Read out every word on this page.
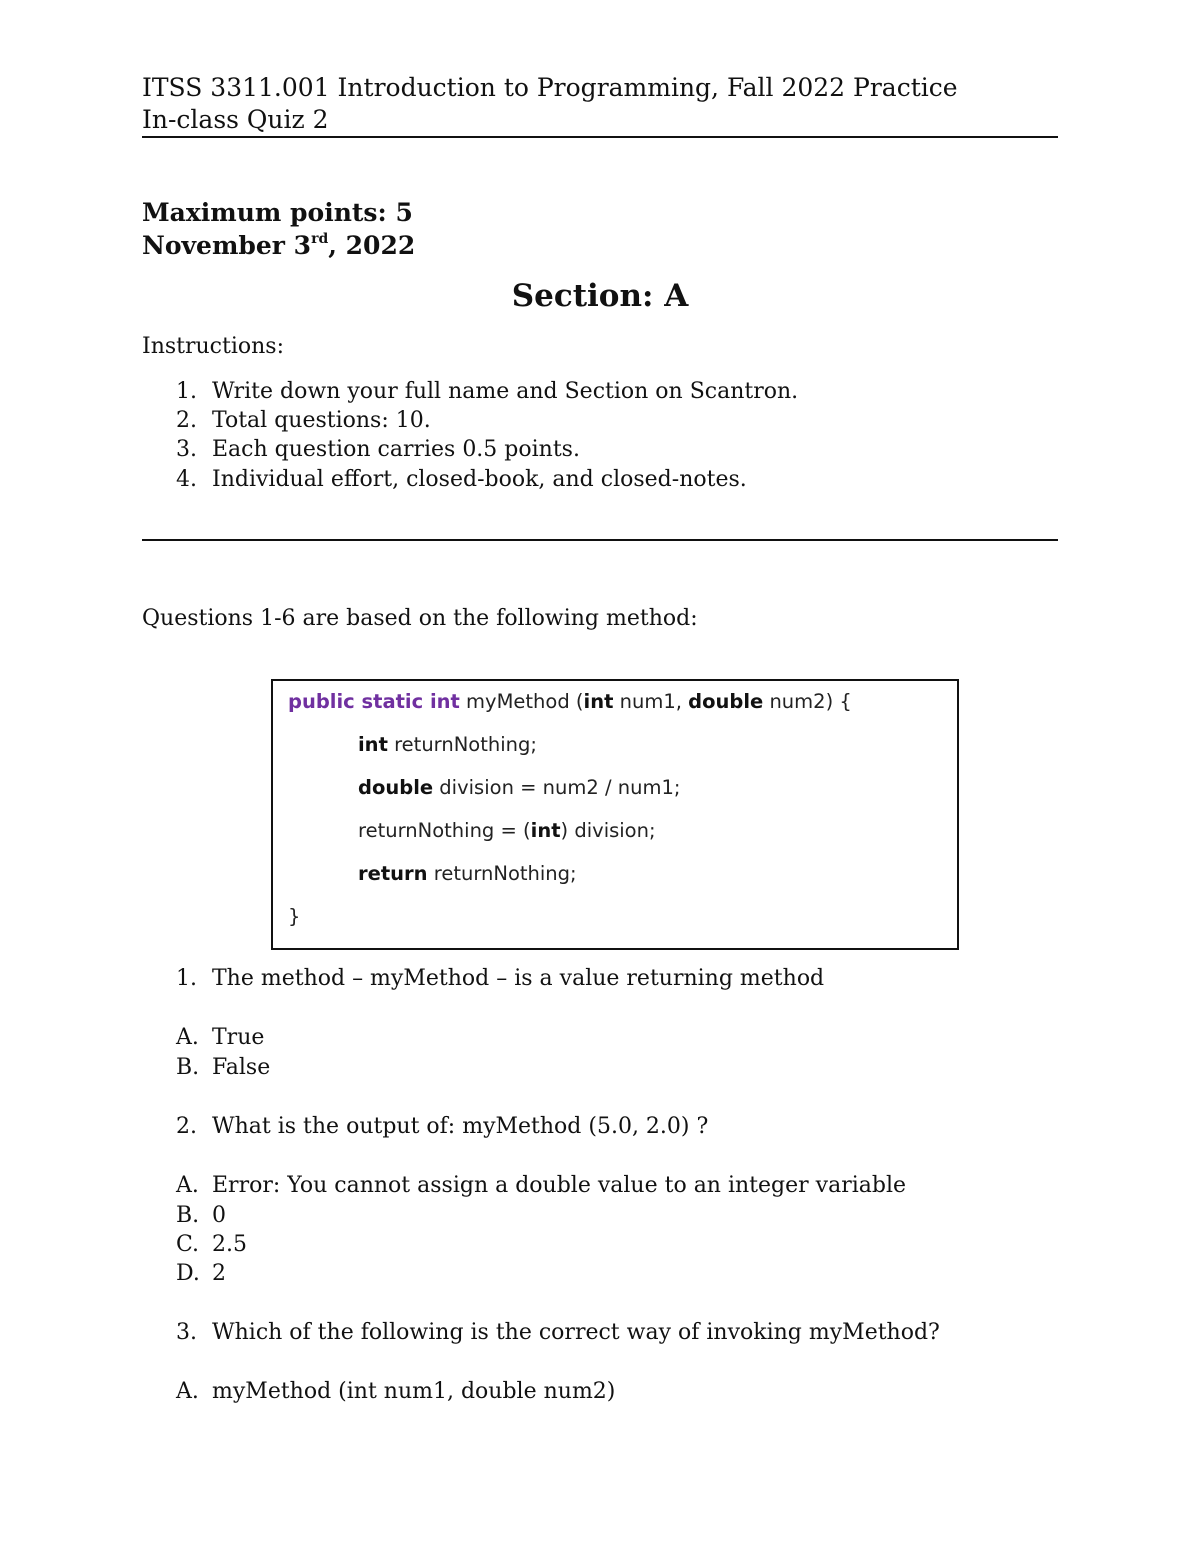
ITSS 3311.001 Introduction to Programming, Fall 2022 Practice
In-class Quiz 2
Maximum points: 5
November 3rd, 2022
Section: A
Instructions:
1. Write down your full name and Section on Scantron.
2. Total questions: 10.
3. Each question carries 0.5 points.
4. Individual effort, closed-book, and closed-notes.
Questions 1-6 are based on the following method:
public static int myMethod (int num1, double num2) {
int returnNothing;
double division = num2 / num1;
returnNothing = (int) division;
return returnNothing;
}
1. The method – myMethod – is a value returning method
A. True
B. False
2. What is the output of: myMethod (5.0, 2.0) ?
A. Error: You cannot assign a double value to an integer variable
B. 0
C. 2.5
D. 2
3. Which of the following is the correct way of invoking myMethod?
A. myMethod (int num1, double num2)
